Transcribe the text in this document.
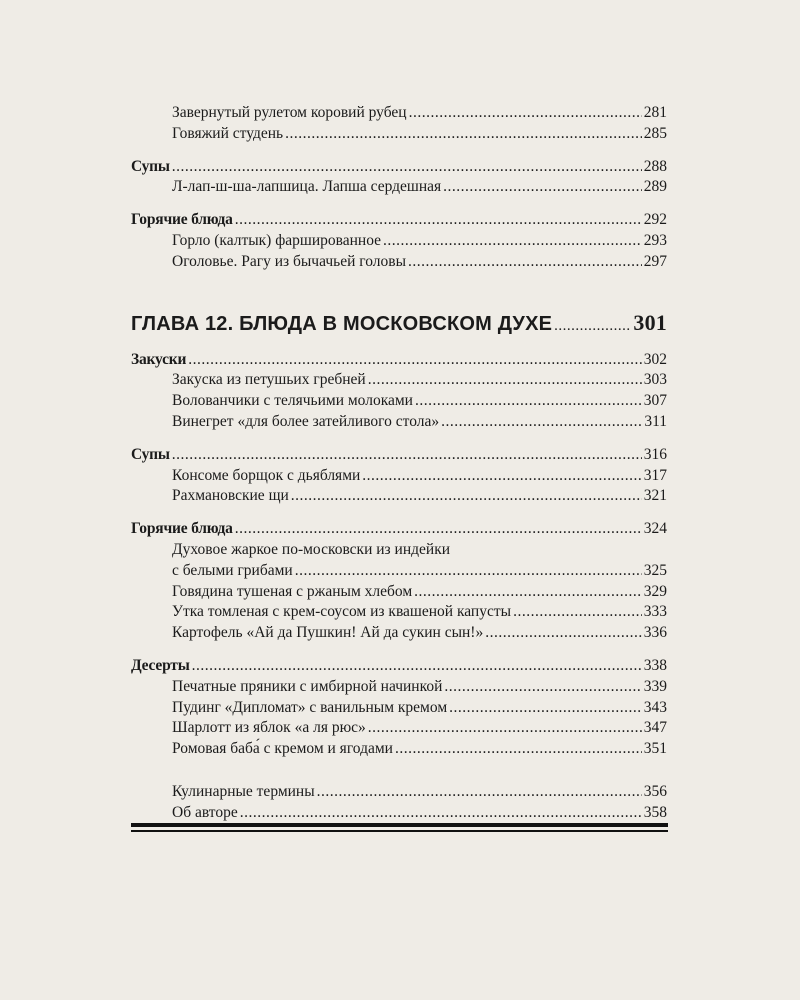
Завернутый рулетом коровий рубец .....	281
Говяжий студень .....	285
Супы .....	288
Л-лап-ш-ша-лапшица. Лапша сердешная .....	289
Горячие блюда .....	292
Горло (калтык) фаршированное .....	293
Оголовье. Рагу из бычачьей головы .....	297
ГЛАВА 12. БЛЮДА В МОСКОВСКОМ ДУХЕ .....	301
Закуски .....	302
Закуска из петушьих гребней .....	303
Волованчики с телячьими молоками .....	307
Винегрет «для более затейливого стола» .....	311
Супы .....	316
Консоме борщок с дьяблями .....	317
Рахмановские щи .....	321
Горячие блюда .....	324
Духовое жаркое по-московски из индейки
с белыми грибами .....	325
Говядина тушеная с ржаным хлебом .....	329
Утка томленая с крем-соусом из квашеной капусты .....	333
Картофель «Ай да Пушкин! Ай да сукин сын!» .....	336
Десерты .....	338
Печатные пряники с имбирной начинкой .....	339
Пудинг «Дипломат» с ванильным кремом .....	343
Шарлотт из яблок «а ля рюс» .....	347
Ромовая баба́ с кремом и ягодами .....	351
Кулинарные термины .....	356
Об авторе .....	358
